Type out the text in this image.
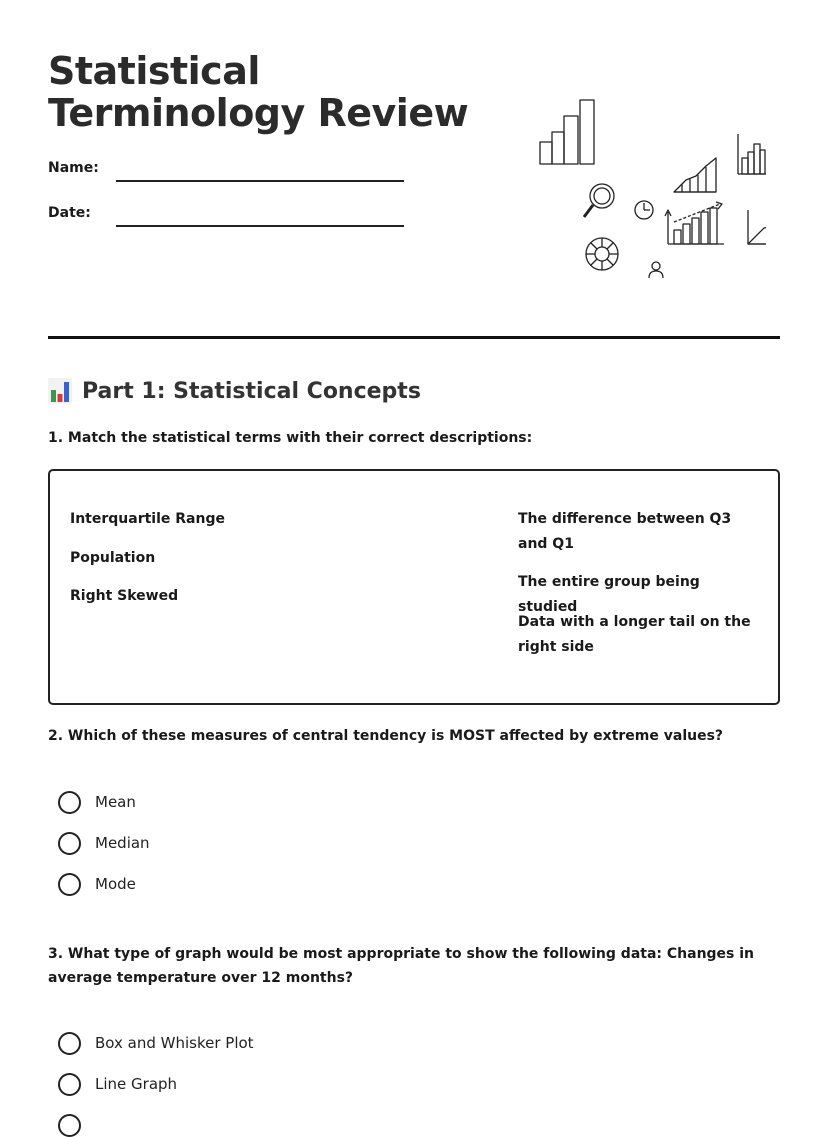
Statistical Terminology Review
Name:
Date:
Part 1: Statistical Concepts
1. Match the statistical terms with their correct descriptions:
Interquartile Range
Population
Right Skewed
The difference between Q3 and Q1
The entire group being studied
Data with a longer tail on the right side
2. Which of these measures of central tendency is MOST affected by extreme values?
Mean
Median
Mode
3. What type of graph would be most appropriate to show the following data: Changes in average temperature over 12 months?
Box and Whisker Plot
Line Graph
